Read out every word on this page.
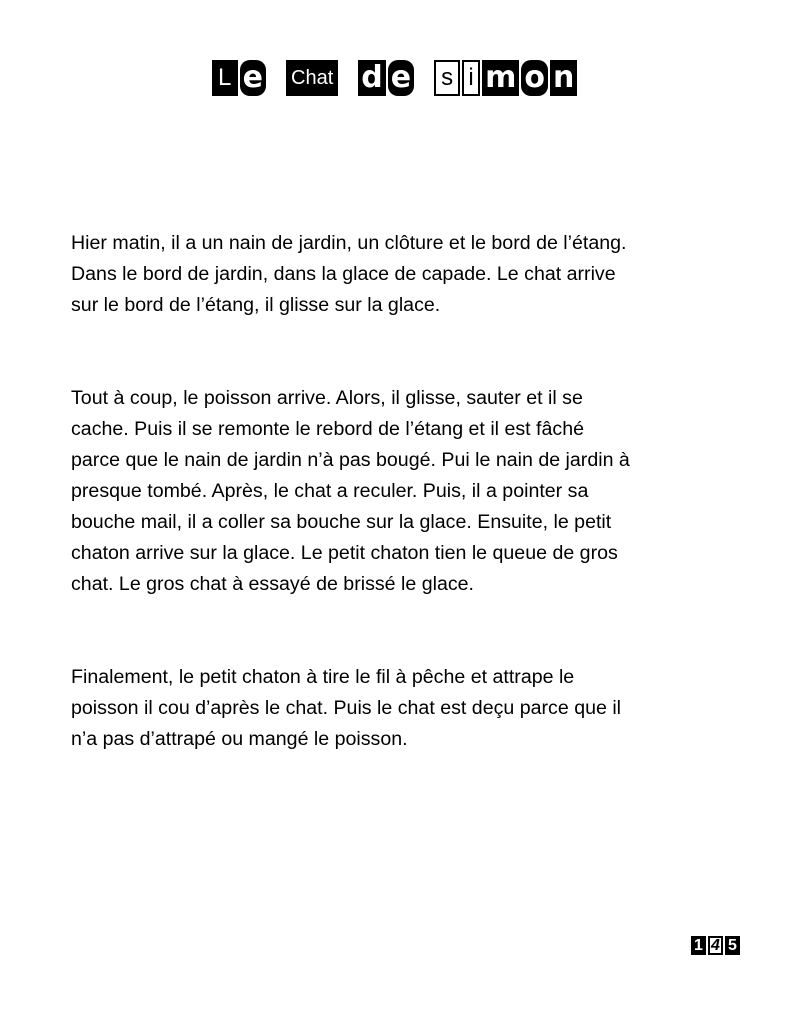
L e Chat d e s i m o n

Hier matin, il a un nain de jardin, un clôture et le bord de l’étang.
Dans le bord de jardin, dans la glace de capade. Le chat arrive
sur le bord de l’étang, il glisse sur la glace.

Tout à coup, le poisson arrive. Alors, il glisse, sauter et il se
cache. Puis il se remonte le rebord de l’étang et il est fâché
parce que le nain de jardin n’à pas bougé. Pui le nain de jardin à
presque tombé. Après, le chat a reculer. Puis, il a pointer sa
bouche mail, il a coller sa bouche sur la glace. Ensuite, le petit
chaton arrive sur la glace. Le petit chaton tien le queue de gros
chat. Le gros chat à essayé de brissé le glace.

Finalement, le petit chaton à tire le fil à pêche et attrape le
poisson il cou d’après le chat. Puis le chat est deçu parce que il
n’a pas d’attrapé ou mangé le poisson.

1 4 5
